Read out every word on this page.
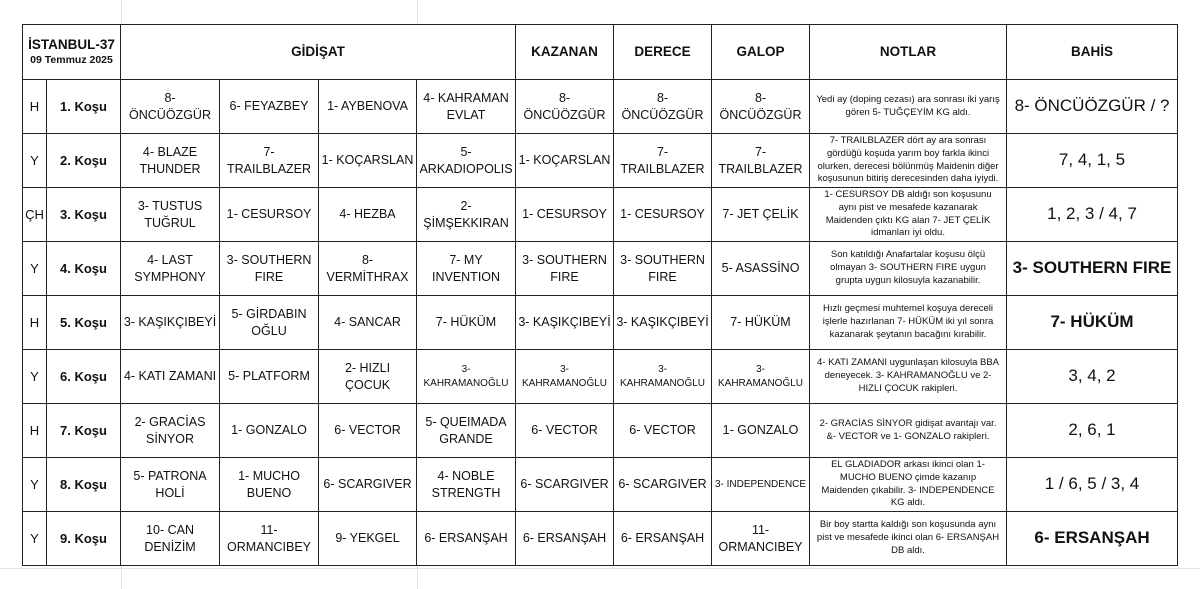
İSTANBUL-37
09 Temmuz 2025		GİDİŞAT				KAZANAN	DERECE	GALOP	NOTLAR	BAHİS
H	1. Koşu	8- ÖNCÜÖZGÜR	6- FEYAZBEY	1- AYBENOVA	4- KAHRAMAN EVLAT	8- ÖNCÜÖZGÜR	8- ÖNCÜÖZGÜR	8- ÖNCÜÖZGÜR	Yedi ay (doping cezası) ara sonrası iki yarış gören 5- TUĞÇEYİM KG aldı.	8- ÖNCÜÖZGÜR / ?
Y	2. Koşu	4- BLAZE THUNDER	7- TRAILBLAZER	1- KOÇARSLAN	5- ARKADIOPOLIS	1- KOÇARSLAN	7- TRAILBLAZER	7- TRAILBLAZER	7- TRAILBLAZER dört ay ara sonrası gördüğü koşuda yarım boy farkla ikinci olurken, derecesi bölünmüş Maidenin diğer koşusunun bitiriş derecesinden daha iyiydi.	7, 4, 1, 5
ÇH	3. Koşu	3- TUSTUS TUĞRUL	1- CESURSOY	4- HEZBA	2- ŞİMŞEKKIRAN	1- CESURSOY	1- CESURSOY	7- JET ÇELİK	1- CESURSOY DB aldığı son koşusunu aynı pist ve mesafede kazanarak Maidenden çıktı KG alan 7- JET ÇELİK idmanları iyi oldu.	1, 2, 3 / 4, 7
Y	4. Koşu	4- LAST SYMPHONY	3- SOUTHERN FIRE	8- VERMİTHRAX	7- MY INVENTION	3- SOUTHERN FIRE	3- SOUTHERN FIRE	5- ASASSİNO	Son katıldığı Anafartalar koşusu ölçü olmayan 3- SOUTHERN FIRE uygun grupta uygun kilosuyla kazanabilir.	3- SOUTHERN FIRE
H	5. Koşu	3- KAŞIKÇIBEYİ	5- GİRDABIN OĞLU	4- SANCAR	7- HÜKÜM	3- KAŞIKÇIBEYİ	3- KAŞIKÇIBEYİ	7- HÜKÜM	Hızlı geçmesi muhtemel koşuya dereceli işlerle hazırlanan 7- HÜKÜM iki yıl sonra kazanarak şeytanın bacağını kırabilir.	7- HÜKÜM
Y	6. Koşu	4- KATI ZAMANI	5- PLATFORM	2- HIZLI ÇOCUK	3- KAHRAMANOĞLU	3- KAHRAMANOĞLU	3- KAHRAMANOĞLU	3- KAHRAMANOĞLU	4- KATI ZAMANI uygunlaşan kilosuyla BBA deneyecek. 3- KAHRAMANOĞLU ve 2- HIZLI ÇOCUK rakipleri.	3, 4, 2
H	7. Koşu	2- GRACİAS SİNYOR	1- GONZALO	6- VECTOR	5- QUEIMADA GRANDE	6- VECTOR	6- VECTOR	1- GONZALO	2- GRACİAS SİNYOR gidişat avantajı var. &- VECTOR ve 1- GONZALO rakipleri.	2, 6, 1
Y	8. Koşu	5- PATRONA HOLİ	1- MUCHO BUENO	6- SCARGIVER	4- NOBLE STRENGTH	6- SCARGIVER	6- SCARGIVER	3- INDEPENDENCE	EL GLADIADOR arkası ikinci olan 1- MUCHO BUENO çimde kazanıp Maidenden çıkabilir. 3- INDEPENDENCE KG aldı.	1 / 6, 5 / 3, 4
Y	9. Koşu	10- CAN DENİZİM	11- ORMANCIBEY	9- YEKGEL	6- ERSANŞAH	6- ERSANŞAH	6- ERSANŞAH	11- ORMANCIBEY	Bir boy startta kaldığı son koşusunda aynı pist ve mesafede ikinci olan 6- ERSANŞAH DB aldı.	6- ERSANŞAH
